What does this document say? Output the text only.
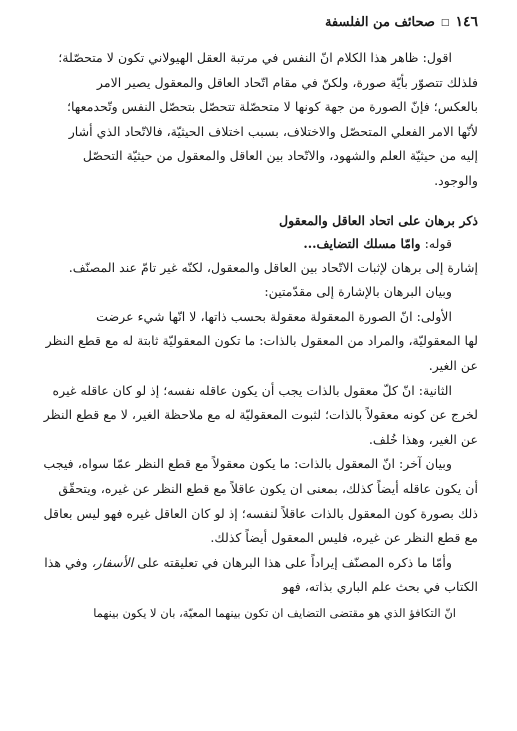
١٤٦
□
صحائف من الفلسفة

اقول: ظاهر هذا الكلام انّ النفس في مرتبة العقل الهيولاني تكون لا متحصّلة؛

فلذلك تتصوّر بأيّة صورة، ولكنّ في مقام اتّحاد العاقل والمعقول يصير الامر

بالعكس؛ فإنّ الصورة من جهة كونها لا متحصّلة تتحصّل بتحصّل النفس وتّحدمعها؛

لأنّها الامر الفعلي المتحصّل والاختلاف، بسبب اختلاف الحيثيّة، فالاتّحاد الذي أشار

إليه من حيثيّة العلم والشهود، والاتّحاد بين العاقل والمعقول من حيثيّة التحصّل

والوجود.

ذكر برهان على اتحاد العاقل والمعقول
قوله: وامّا مسلك التضايف...

إشارة إلى برهان لإثبات الاتّحاد بين العاقل والمعقول، لكنّه غير تامّ عند المصنّف.

وبيان البرهان بالإشارة إلى مقدّمتين:

الأولى: انّ الصورة المعقولة معقولة بحسب ذاتها، لا انّها شيء عرضت

لها المعقوليّة، والمراد من المعقول بالذات: ما تكون المعقوليّة ثابتة له مع قطع النظر

عن الغير.

الثانية: انّ كلّ معقول بالذات يجب أن يكون عاقله نفسه؛ إذ لو كان عاقله غيره

لخرج عن كونه معقولاً بالذات؛ لثبوت المعقوليّة له مع ملاحظة الغير، لا مع قطع النظر

عن الغير، وهذا خُلف.

وبيان آخر: انّ المعقول بالذات: ما يكون معقولاً مع قطع النظر عمّا سواه، فيجب

أن يكون عاقله أيضاً كذلك، بمعنى ان يكون عاقلاً مع قطع النظر عن غيره، ويتحقّق

ذلك بصورة كون المعقول بالذات عاقلاً لنفسه؛ إذ لو كان العاقل غيره فهو ليس بعاقل

مع قطع النظر عن غيره، فليس المعقول أيضاً كذلك.

وأمّا ما ذكره المصنّف إيراداً على هذا البرهان في تعليقته على الأسفار، وفي هذا

الكتاب في بحث علم الباري بذاته، فهو

انّ التكافؤ الذي هو مقتضى التضايف ان تكون بينهما المعيّة، بان لا يكون بينهما
